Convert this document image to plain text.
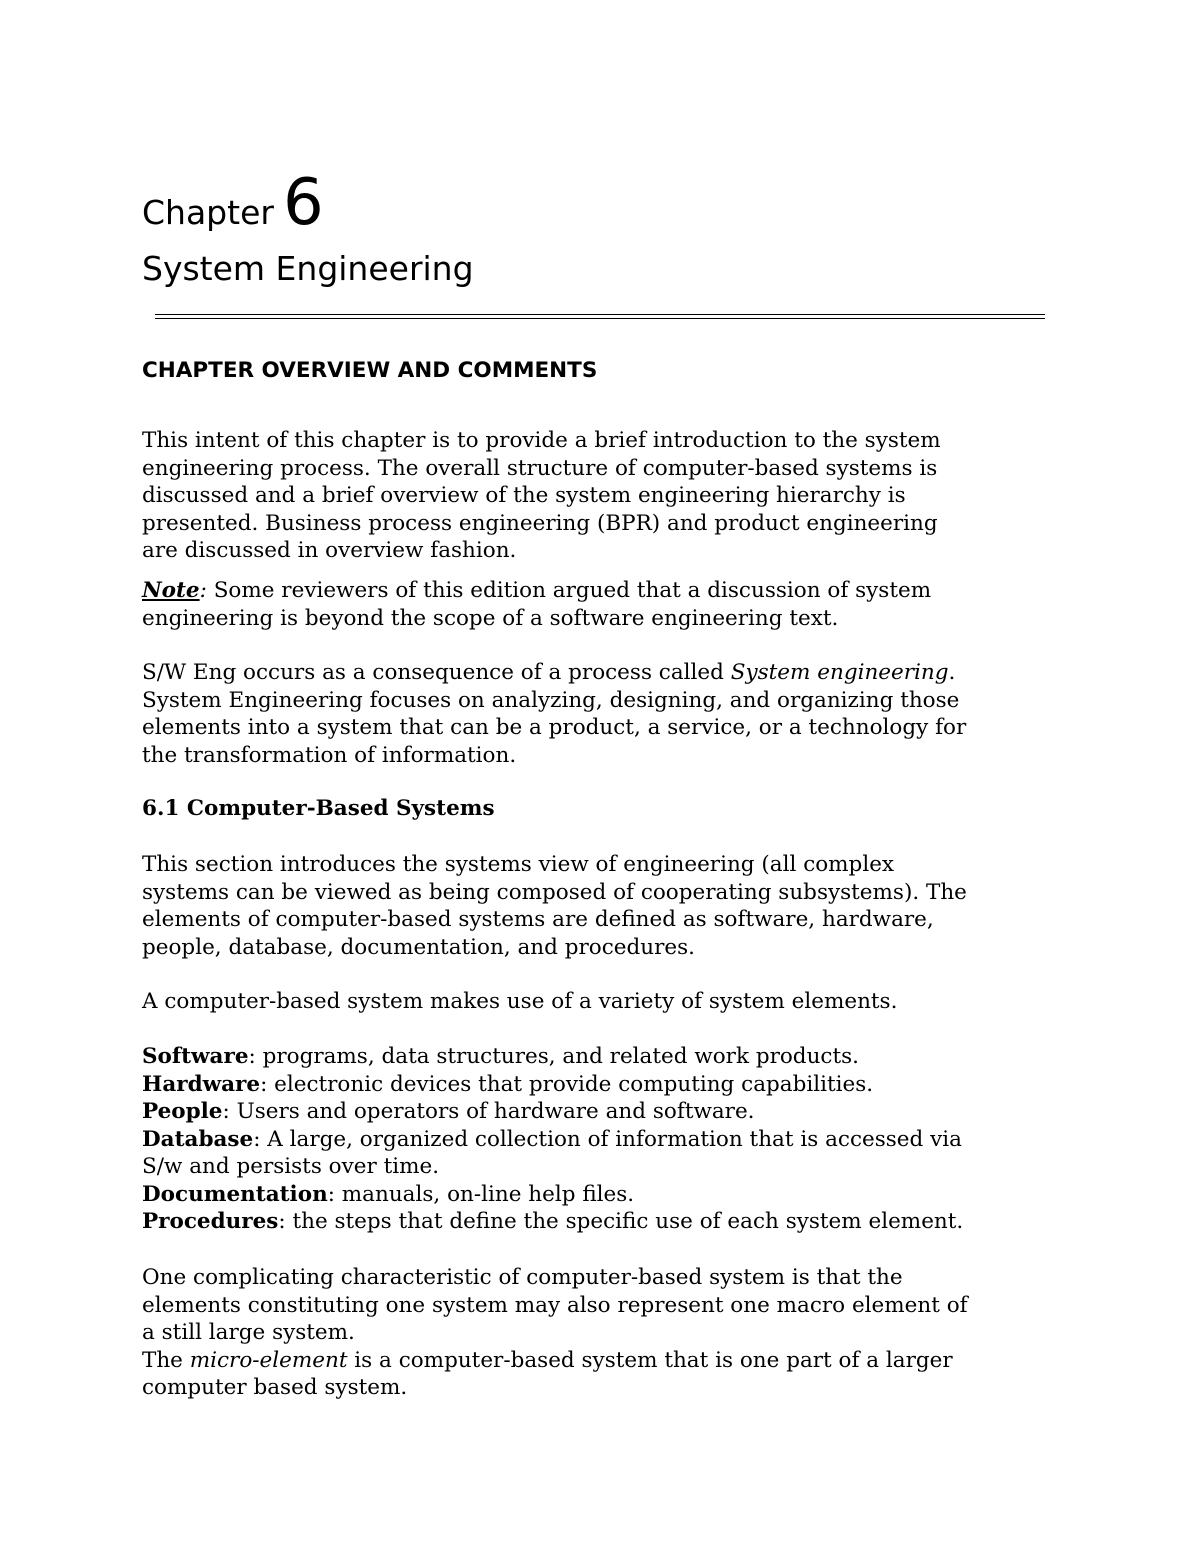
Chapter 6
System Engineering
CHAPTER OVERVIEW AND COMMENTS
This intent of this chapter is to provide a brief introduction to the system
engineering process. The overall structure of computer-based systems is
discussed and a brief overview of the system engineering hierarchy is
presented. Business process engineering (BPR) and product engineering
are discussed in overview fashion.
Note: Some reviewers of this edition argued that a discussion of system
engineering is beyond the scope of a software engineering text.
S/W Eng occurs as a consequence of a process called System engineering.
System Engineering focuses on analyzing, designing, and organizing those
elements into a system that can be a product, a service, or a technology for
the transformation of information.
6.1 Computer-Based Systems
This section introduces the systems view of engineering (all complex
systems can be viewed as being composed of cooperating subsystems). The
elements of computer-based systems are defined as software, hardware,
people, database, documentation, and procedures.
A computer-based system makes use of a variety of system elements.
Software: programs, data structures, and related work products.
Hardware: electronic devices that provide computing capabilities.
People: Users and operators of hardware and software.
Database: A large, organized collection of information that is accessed via
S/w and persists over time.
Documentation: manuals, on-line help files.
Procedures: the steps that define the specific use of each system element.
One complicating characteristic of computer-based system is that the
elements constituting one system may also represent one macro element of
a still large system.
The micro-element is a computer-based system that is one part of a larger
computer based system.
